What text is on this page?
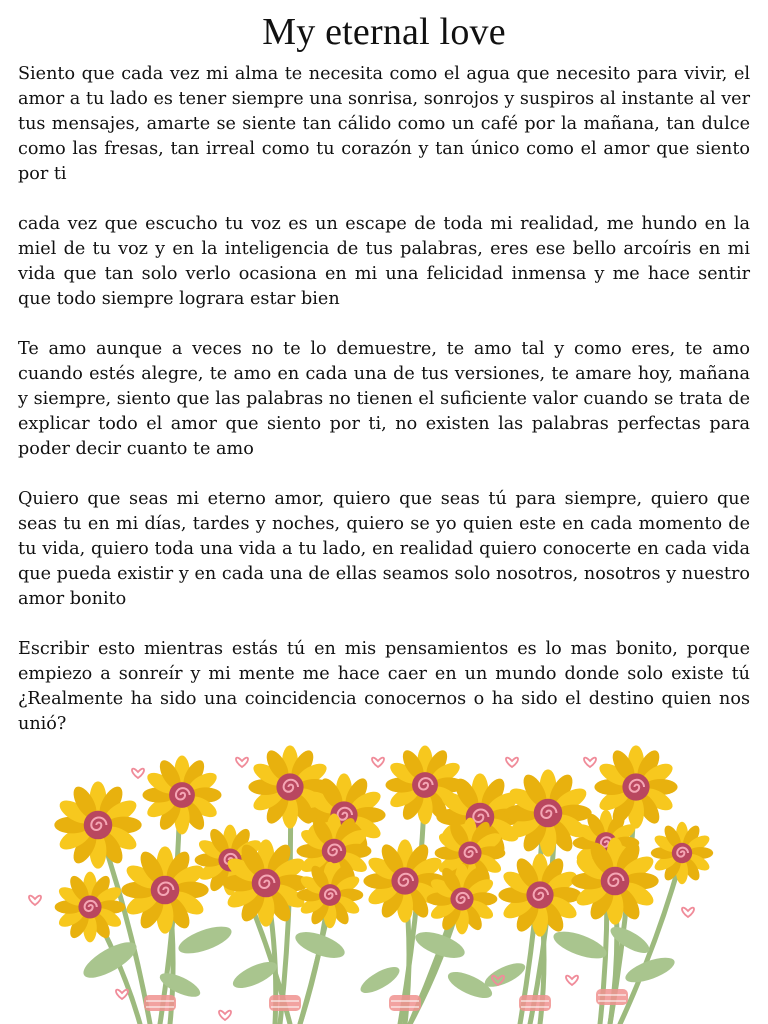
My eternal love

Siento que cada vez mi alma te necesita como el agua que necesito para vivir, el amor a tu lado es tener siempre una sonrisa, sonrojos y suspiros al instante al ver tus mensajes, amarte se siente tan cálido como un café por la mañana, tan dulce como las fresas, tan irreal como tu corazón y tan único como el amor que siento por ti

cada vez que escucho tu voz es un escape de toda mi realidad, me hundo en la miel de tu voz y en la inteligencia de tus palabras, eres ese bello arcoíris en mi vida que tan solo verlo ocasiona en mi una felicidad inmensa y me hace sentir que todo siempre lograra estar bien

Te amo aunque a veces no te lo demuestre, te amo tal y como eres, te amo cuando estés alegre, te amo en cada una de tus versiones, te amare hoy, mañana y siempre, siento que las palabras no tienen el suficiente valor cuando se trata de explicar todo el amor que siento por ti, no existen las palabras perfectas para poder decir cuanto te amo

Quiero que seas mi eterno amor, quiero que seas tú para siempre, quiero que seas tu en mi días, tardes y noches, quiero se yo quien este en cada momento de tu vida, quiero toda una vida a tu lado, en realidad quiero conocerte en cada vida que pueda existir y en cada una de ellas seamos solo nosotros, nosotros y nuestro amor bonito

Escribir esto mientras estás tú en mis pensamientos es lo mas bonito, porque empiezo a sonreír y mi mente me hace caer en un mundo donde solo existe tú ¿Realmente ha sido una coincidencia conocernos o ha sido el destino quien nos unió?
